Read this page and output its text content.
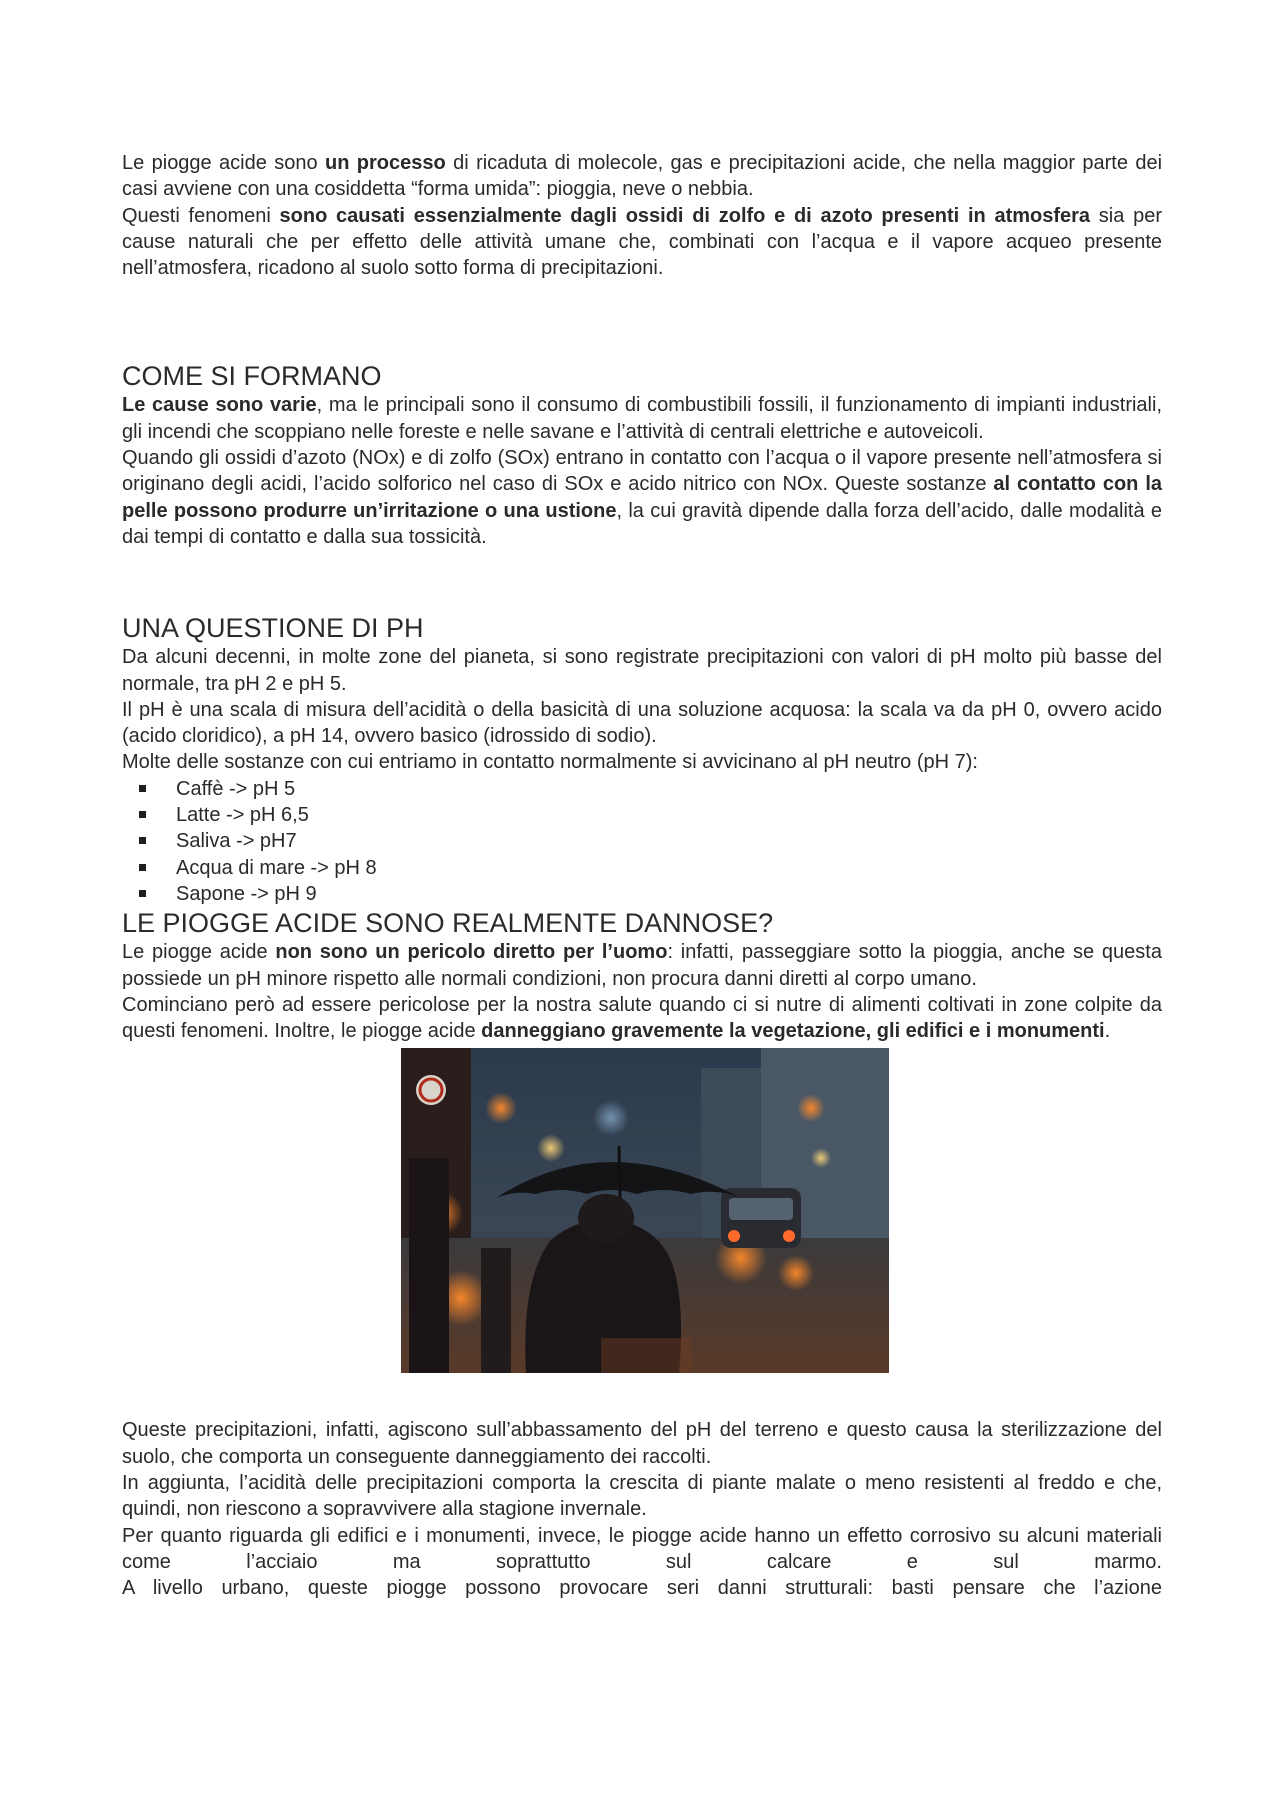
Le piogge acide sono un processo di ricaduta di molecole, gas e precipitazioni acide, che nella maggior parte dei casi avviene con una cosiddetta “forma umida”: pioggia, neve o nebbia.

Questi fenomeni sono causati essenzialmente dagli ossidi di zolfo e di azoto presenti in atmosfera sia per cause naturali che per effetto delle attività umane che, combinati con l’acqua e il vapore acqueo presente nell’atmosfera, ricadono al suolo sotto forma di precipitazioni.

COME SI FORMANO

Le cause sono varie, ma le principali sono il consumo di combustibili fossili, il funzionamento di impianti industriali, gli incendi che scoppiano nelle foreste e nelle savane e l’attività di centrali elettriche e autoveicoli.

Quando gli ossidi d’azoto (NOx) e di zolfo (SOx) entrano in contatto con l’acqua o il vapore presente nell’atmosfera si originano degli acidi, l’acido solforico nel caso di SOx e acido nitrico con NOx. Queste sostanze al contatto con la pelle possono produrre un’irritazione o una ustione, la cui gravità dipende dalla forza dell’acido, dalle modalità e dai tempi di contatto e dalla sua tossicità.

UNA QUESTIONE DI PH

Da alcuni decenni, in molte zone del pianeta, si sono registrate precipitazioni con valori di pH molto più basse del normale, tra pH 2 e pH 5.

Il pH è una scala di misura dell’acidità o della basicità di una soluzione acquosa: la scala va da pH 0, ovvero acido (acido cloridico), a pH 14, ovvero basico (idrossido di sodio).

Molte delle sostanze con cui entriamo in contatto normalmente si avvicinano al pH neutro (pH 7):

Caffè -> pH 5
Latte -> pH 6,5
Saliva -> pH7
Acqua di mare -> pH 8
Sapone -> pH 9
LE PIOGGE ACIDE SONO REALMENTE DANNOSE?

Le piogge acide non sono un pericolo diretto per l’uomo: infatti, passeggiare sotto la pioggia, anche se questa possiede un pH minore rispetto alle normali condizioni, non procura danni diretti al corpo umano.

Cominciano però ad essere pericolose per la nostra salute quando ci si nutre di alimenti coltivati in zone colpite da questi fenomeni. Inoltre, le piogge acide danneggiano gravemente la vegetazione, gli edifici e i monumenti.

Queste precipitazioni, infatti, agiscono sull’abbassamento del pH del terreno e questo causa la sterilizzazione del suolo, che comporta un conseguente danneggiamento dei raccolti.

In aggiunta, l’acidità delle precipitazioni comporta la crescita di piante malate o meno resistenti al freddo e che, quindi, non riescono a sopravvivere alla stagione invernale.

Per quanto riguarda gli edifici e i monumenti, invece, le piogge acide hanno un effetto corrosivo su alcuni materiali come l’acciaio ma soprattutto sul calcare e sul marmo.

A livello urbano, queste piogge possono provocare seri danni strutturali: basti pensare che l’azione
